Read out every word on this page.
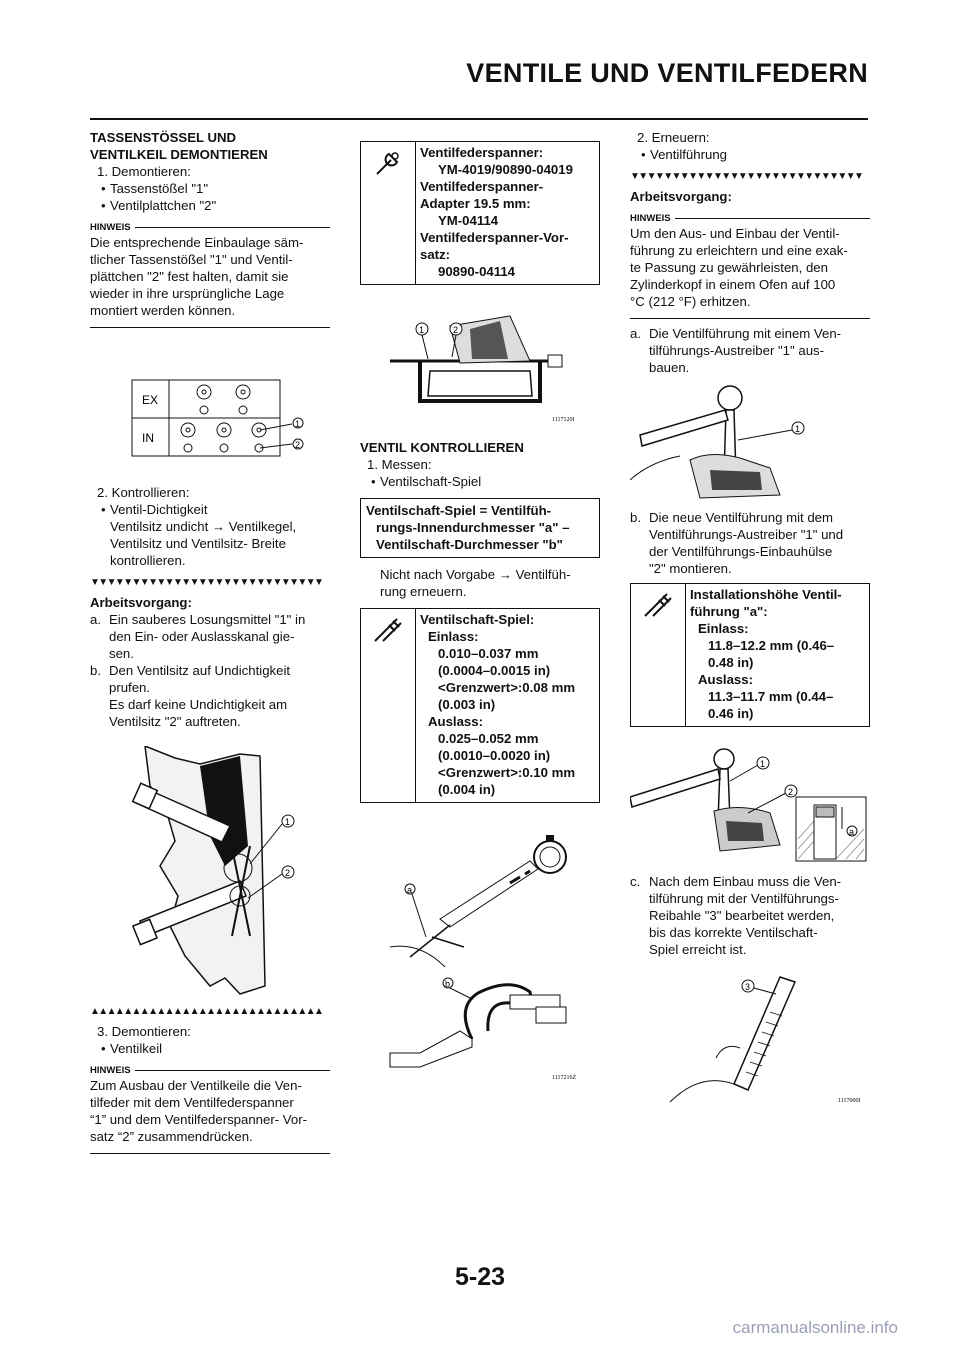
VENTILE UND VENTILFEDERN
TASSENSTÖSSEL UND
VENTILKEIL DEMONTIEREN
1. Demontieren:
• Tassenstößel "1"
• Ventilplattchen "2"
HINWEIS
Die entsprechende Einbaulage säm-
tlicher Tassenstößel "1" und Ventil-
plättchen "2" fest halten, damit sie
wieder in ihre ursprüngliche Lage
montiert werden können.
EX
IN
1
2
2. Kontrollieren:
• Ventil-Dichtigkeit
Ventilsitz undicht → Ventilkegel,
Ventilsitz und Ventilsitz- Breite
kontrollieren.
▼▼▼▼▼▼▼▼▼▼▼▼▼▼▼▼▼▼▼▼▼▼▼▼▼▼▼▼
Arbeitsvorgang:
a. Ein sauberes Losungsmittel "1" in
den Ein- oder Auslasskanal gie-
sen.
b. Den Ventilsitz auf Undichtigkeit
prufen.
Es darf keine Undichtigkeit am
Ventilsitz "2" auftreten.
1
2
▲▲▲▲▲▲▲▲▲▲▲▲▲▲▲▲▲▲▲▲▲▲▲▲▲▲▲▲
3. Demontieren:
• Ventilkeil
HINWEIS
Zum Ausbau der Ventilkeile die Ven-
tilfeder mit dem Ventilfederspanner
“1” und dem Ventilfederspanner- Vor-
satz “2” zusammendrücken.
Ventilfederspanner:
YM-4019/90890-04019
Ventilfederspanner-
Adapter 19.5 mm:
YM-04114
Ventilfederspanner-Vor-
satz:
90890-04114
1	2
1117120I
VENTIL KONTROLLIEREN
1. Messen:
• Ventilschaft-Spiel
Ventilschaft-Spiel = Ventilfüh-
rungs-Innendurchmesser "a" –
Ventilschaft-Durchmesser "b"
Nicht nach Vorgabe → Ventilfüh-
rung erneuern.
Ventilschaft-Spiel:
Einlass:
0.010–0.037 mm
(0.0004–0.0015 in)
<Grenzwert>:0.08 mm
(0.003 in)
Auslass:
0.025–0.052 mm
(0.0010–0.0020 in)
<Grenzwert>:0.10 mm
(0.004 in)
a
b
1117216Z
2. Erneuern:
• Ventilführung
▼▼▼▼▼▼▼▼▼▼▼▼▼▼▼▼▼▼▼▼▼▼▼▼▼▼▼▼
Arbeitsvorgang:
HINWEIS
Um den Aus- und Einbau der Ventil-
führung zu erleichtern und eine exak-
te Passung zu gewährleisten, den
Zylinderkopf in einem Ofen auf 100
°C (212 °F) erhitzen.
a. Die Ventilführung mit einem Ven-
tilführungs-Austreiber "1" aus-
bauen.
1
b. Die neue Ventilführung mit dem
Ventilführungs-Austreiber "1" und
der Ventilführungs-Einbauhülse
"2" montieren.
Installationshöhe Ventil-
führung "a":
Einlass:
11.8–12.2 mm (0.46–
0.48 in)
Auslass:
11.3–11.7 mm (0.44–
0.46 in)
1
2
a
c. Nach dem Einbau muss die Ven-
tilführung mit der Ventilführungs-
Reibahle "3" bearbeitet werden,
bis das korrekte Ventilschaft-
Spiel erreicht ist.
3
1117000I
5-23
carmanualsonline.info
